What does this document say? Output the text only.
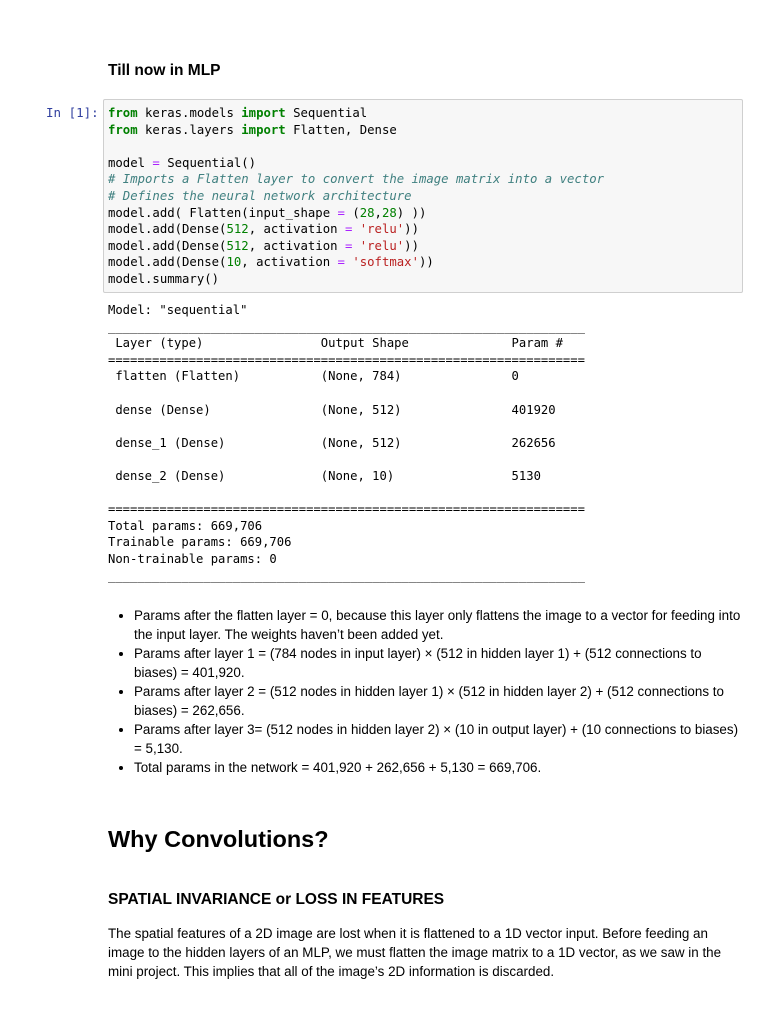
Till now in MLP
In [1]: from keras.models import Sequential
from keras.layers import Flatten, Dense

model = Sequential()
# Imports a Flatten layer to convert the image matrix into a vector
# Defines the neural network architecture
model.add( Flatten(input_shape = (28,28) ))
model.add(Dense(512, activation = 'relu'))
model.add(Dense(512, activation = 'relu'))
model.add(Dense(10, activation = 'softmax'))
model.summary()
Model: "sequential"
_________________________________________________________________
Layer (type)                Output Shape              Param #
=================================================================
flatten (Flatten)           (None, 784)               0

dense (Dense)               (None, 512)               401920

dense_1 (Dense)             (None, 512)               262656

dense_2 (Dense)             (None, 10)                5130

=================================================================
Total params: 669,706
Trainable params: 669,706
Non-trainable params: 0
_________________________________________________________________
• Params after the flatten layer = 0, because this layer only flattens the image to a vector for feeding into the input layer. The weights haven’t been added yet.
• Params after layer 1 = (784 nodes in input layer) × (512 in hidden layer 1) + (512 connections to biases) = 401,920.
• Params after layer 2 = (512 nodes in hidden layer 1) × (512 in hidden layer 2) + (512 connections to biases) = 262,656.
• Params after layer 3= (512 nodes in hidden layer 2) × (10 in output layer) + (10 connections to biases) = 5,130.
• Total params in the network = 401,920 + 262,656 + 5,130 = 669,706.
Why Convolutions?
SPATIAL INVARIANCE or LOSS IN FEATURES

The spatial features of a 2D image are lost when it is flattened to a 1D vector input. Before feeding an image to the hidden layers of an MLP, we must flatten the image matrix to a 1D vector, as we saw in the mini project. This implies that all of the image’s 2D information is discarded.
